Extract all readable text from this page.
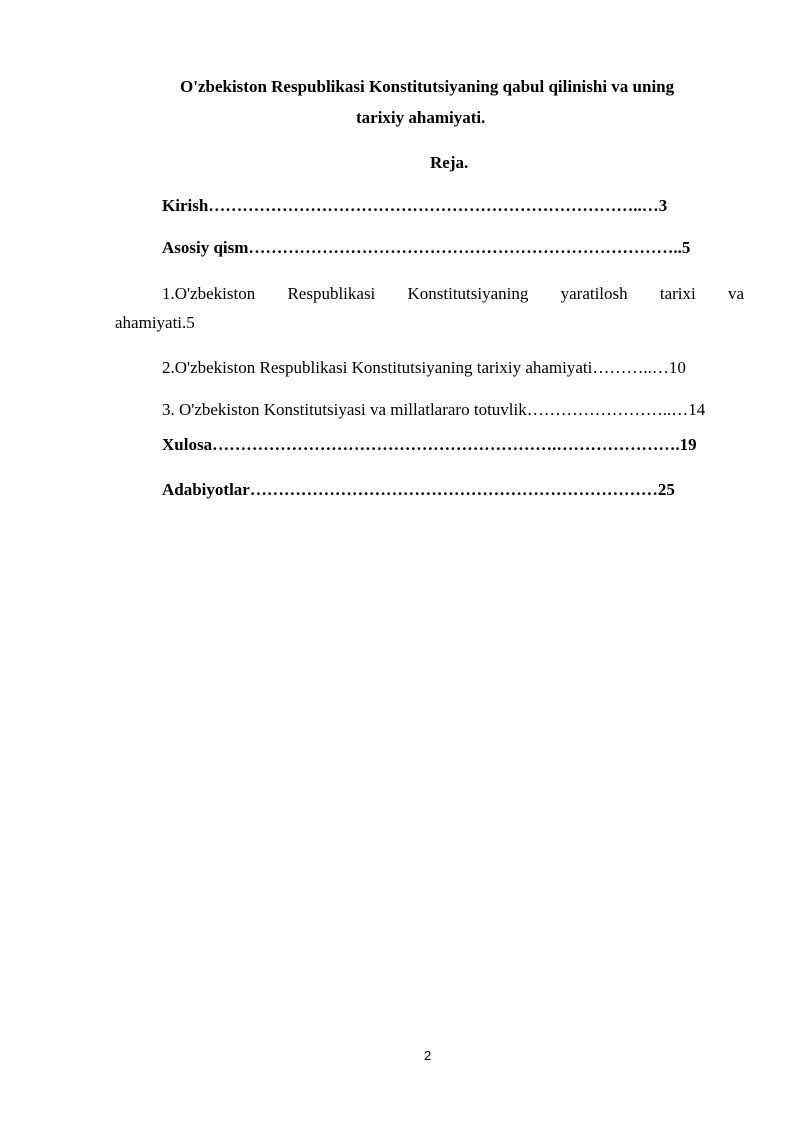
O'zbekiston Respublikasi Konstitutsiyaning qabul qilinishi va uning
tarixiy ahamiyati.
Reja.
Kirish…………………………………………………………………..…3
Asosiy qism…………………………………………………………………..5
1.O'zbekiston Respublikasi Konstitutsiyaning yaratilosh tarixi va
ahamiyati.5
2.O'zbekiston Respublikasi Konstitutsiyaning tarixiy ahamiyati………..…10
3. O'zbekiston Konstitutsiyasi va millatlararo totuvlik……………………..…14
Xulosa…………………………………………………….………………….19
Adabiyotlar………………………………………………………………25
2
